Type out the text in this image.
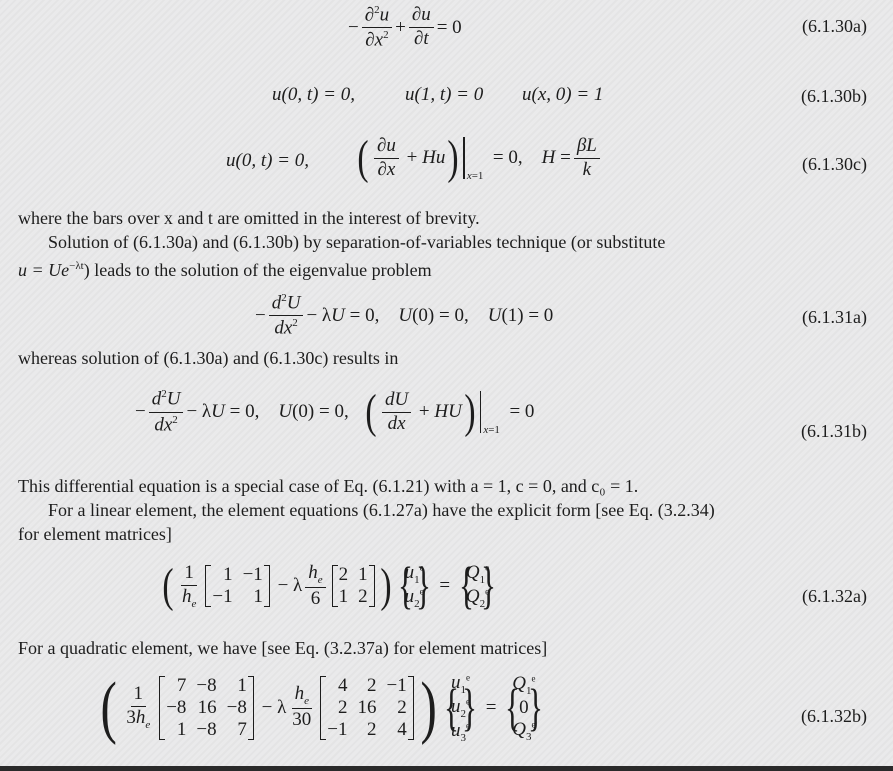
− $\frac{\partial^2u}{\partial x^2} + \frac{\partial u}{\partial t} = 0$	(6.1.30a)
u(0, t) = 0,	u(1, t) = 0 u(x, 0) = 1	(6.1.30b)
u(0, t) = 0, ( $\frac{\partial u}{\partial x} + Hu$ ) x=1
= 0,    $H = \frac{\beta L}{k}$	(6.1.30c)
where the bars over x and t are omitted in the interest of brevity.
Solution of (6.1.30a) and (6.1.30b) by separation-of-variables technique (or substitute
$u = Ue^{-\lambda t}$) leads to the solution of the eigenvalue problem
− $\frac{d^2U}{dx^2} - \lambda U = 0$,    U(0) = 0,    U(1) = 0	(6.1.31a)
whereas solution of (6.1.30a) and (6.1.30c) results in
− $\frac{d^2U}{dx^2} - \lambda U = 0$,    U(0) = 0, ( $\frac{dU}{dx}$ + HU ) x=1
= 0
(6.1.31b)
This differential equation is a special case of Eq. (6.1.21) with a = 1, c = 0, and c₀ = 1.
For a linear element, the element equations (6.1.27a) have the explicit form [see Eq. (3.2.34)
for element matrices]
( $\frac{1}{h_e}$	1 −1
−1	1
− λ $\frac{h_e}{6} 2$ 1
1 2 ) { $u_1^e$
$u_2^e$
} =
{ $Q_1^e$
$Q_2^e$
}	(6.1.32a)
For a quadratic element, we have [see Eq. (3.2.37a) for element matrices]
( $\frac{1}{3h_e}$	7 −8	1
−8 16 −8
1 −8	7
− λ $\frac{h_e}{30}$	4	2 −1
2 16	2
−1	2	4 ) { $u_1^e$
$u_2^e$
$u_3^e$
}
=
{ $Q_1^e$
0
$Q_3^e$
}	(6.1.32b)
